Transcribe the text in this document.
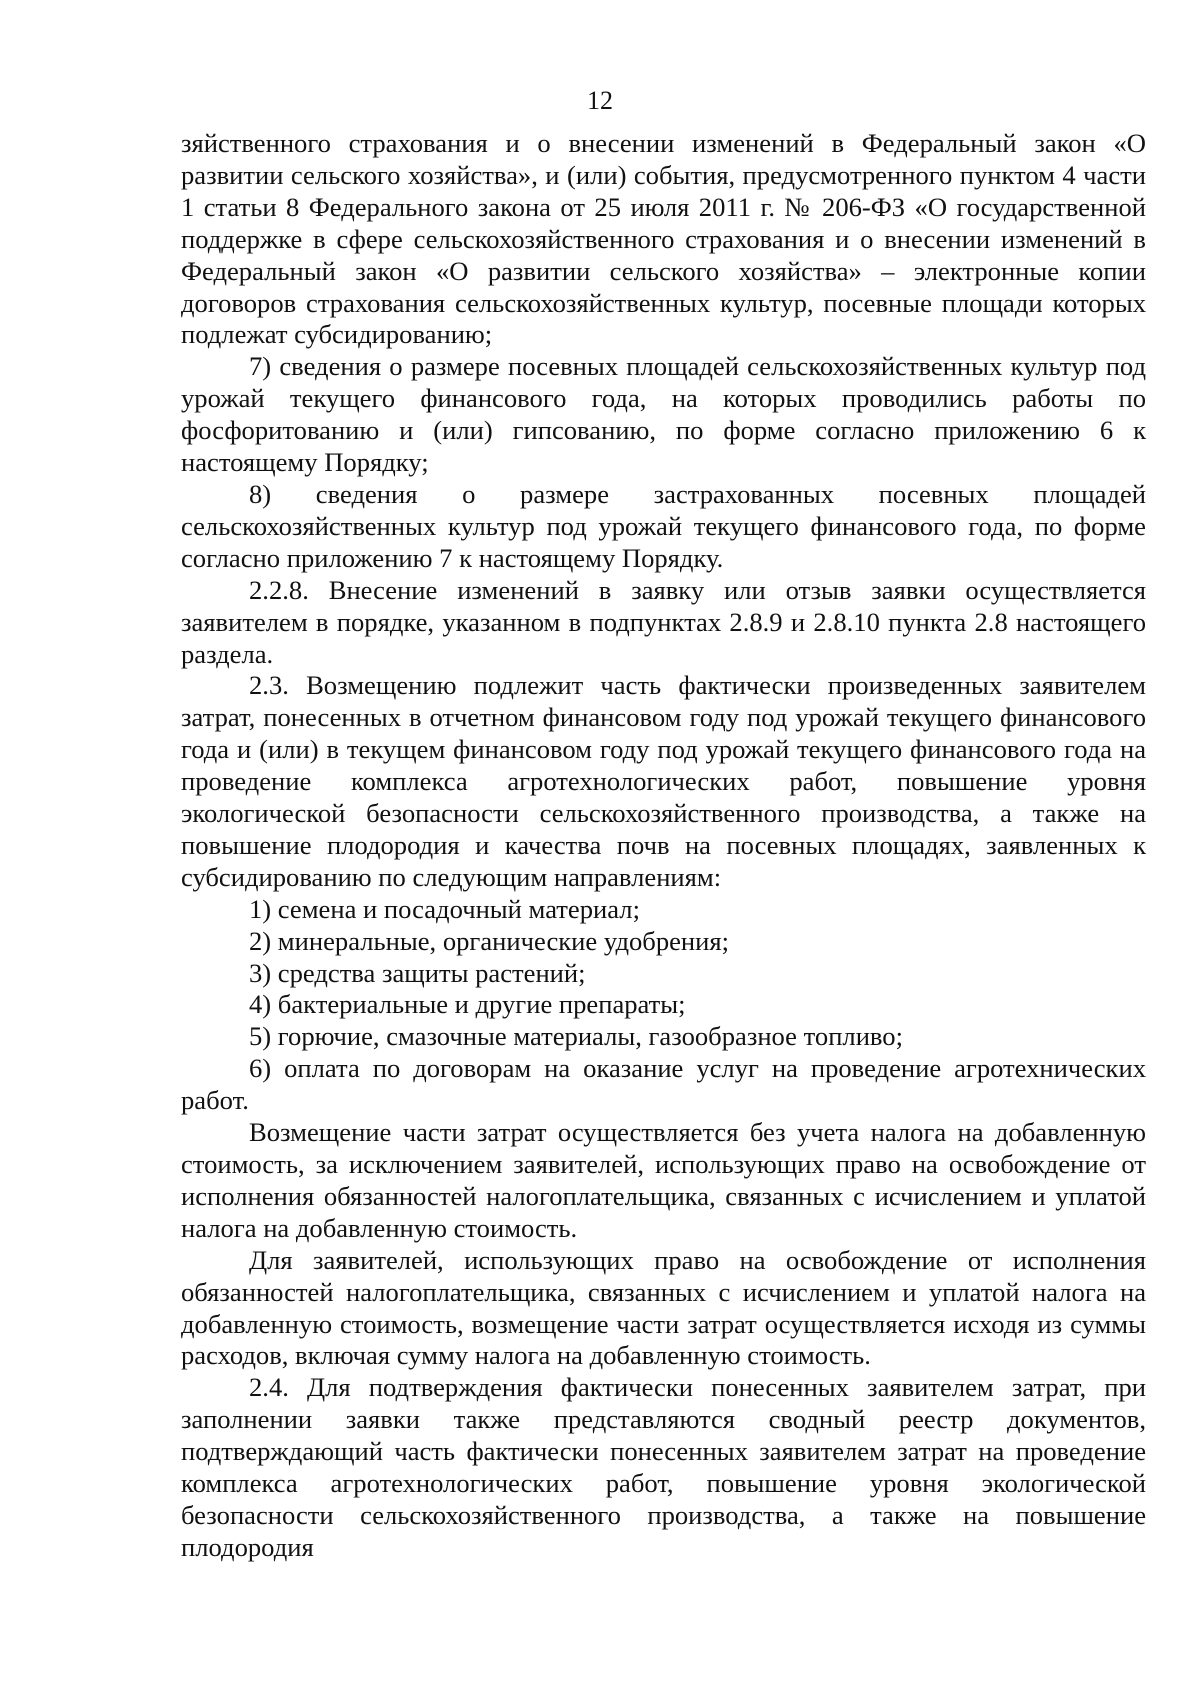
12

зяйственного страхования и о внесении изменений в Федеральный закон «О развитии сельского хозяйства», и (или) события, предусмотренного пунктом 4 части 1 статьи 8 Федерального закона от 25 июля 2011 г. № 206-ФЗ «О государственной поддержке в сфере сельскохозяйственного страхования и о внесении изменений в Федеральный закон «О развитии сельского хозяйства» – электронные копии договоров страхования сельскохозяйственных культур, посевные площади которых подлежат субсидированию;

7) сведения о размере посевных площадей сельскохозяйственных культур под урожай текущего финансового года, на которых проводились работы по фосфоритованию и (или) гипсованию, по форме согласно приложению 6 к настоящему Порядку;

8) сведения о размере застрахованных посевных площадей сельскохозяйственных культур под урожай текущего финансового года, по форме согласно приложению 7 к настоящему Порядку.

2.2.8. Внесение изменений в заявку или отзыв заявки осуществляется заявителем в порядке, указанном в подпунктах 2.8.9 и 2.8.10 пункта 2.8 настоящего раздела.

2.3. Возмещению подлежит часть фактически произведенных заявителем затрат, понесенных в отчетном финансовом году под урожай текущего финансового года и (или) в текущем финансовом году под урожай текущего финансового года на проведение комплекса агротехнологических работ, повышение уровня экологической безопасности сельскохозяйственного производства, а также на повышение плодородия и качества почв на посевных площадях, заявленных к субсидированию по следующим направлениям:

1) семена и посадочный материал;

2) минеральные, органические удобрения;

3) средства защиты растений;

4) бактериальные и другие препараты;

5) горючие, смазочные материалы, газообразное топливо;

6) оплата по договорам на оказание услуг на проведение агротехнических работ.

Возмещение части затрат осуществляется без учета налога на добавленную стоимость, за исключением заявителей, использующих право на освобождение от исполнения обязанностей налогоплательщика, связанных с исчислением и уплатой налога на добавленную стоимость.

Для заявителей, использующих право на освобождение от исполнения обязанностей налогоплательщика, связанных с исчислением и уплатой налога на добавленную стоимость, возмещение части затрат осуществляется исходя из суммы расходов, включая сумму налога на добавленную стоимость.

2.4. Для подтверждения фактически понесенных заявителем затрат, при заполнении заявки также представляются сводный реестр документов, подтверждающий часть фактически понесенных заявителем затрат на проведение комплекса агротехнологических работ, повышение уровня экологической безопасности сельскохозяйственного производства, а также на повышение плодородия
